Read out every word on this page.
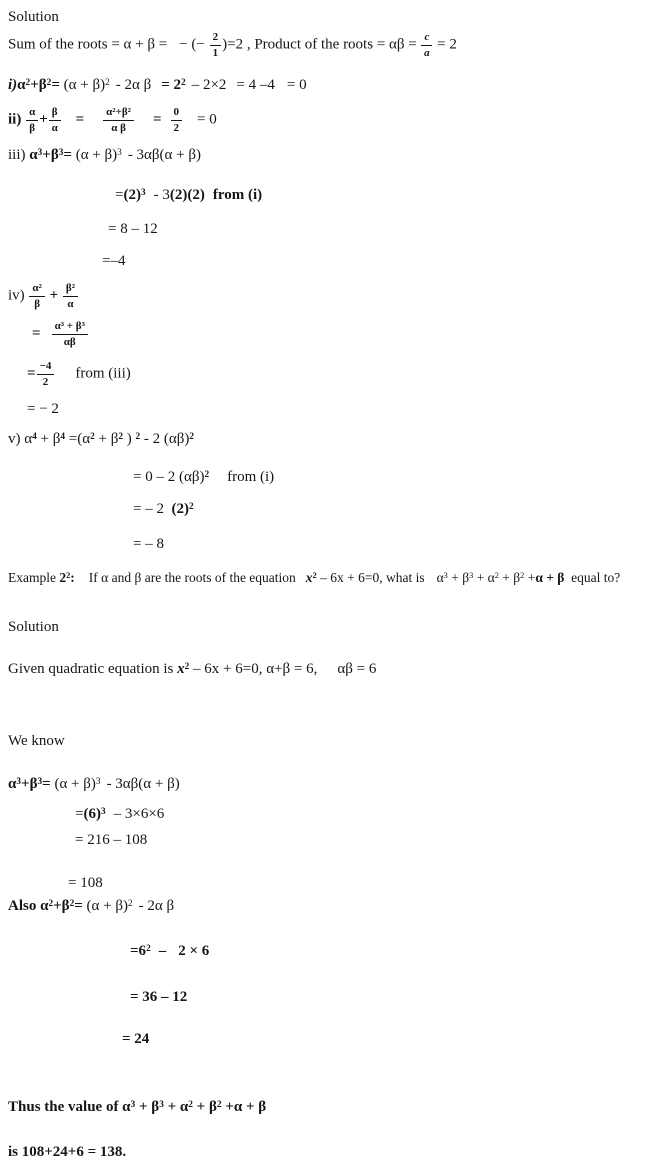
Solution
Sum of the roots = α + β = − (− $\frac{2}{1} )=2$ , Product of the roots = $\alpha\beta = \frac{c}{a} = 2$
$i)\alpha^2+\beta^2= (\alpha + \beta)^2 - 2\alpha$ $\beta = 2^2 - 2\times 2 = 4$ –4 = 0
$ii) \frac{\alpha}{\beta} + \frac{\beta}{\alpha} = \frac{\text{α²+β²}}{\text{α β}} = \frac{0}{2} = 0$
iii) $\alpha^3+\beta^3= (\alpha + \beta)^3 - 3\alpha\beta(\alpha + \beta)$
$=(2)^3 - 3(2)(2)$ from (i)
= 8 – 12
=–4
$iv) \frac{\text{α²}}{\beta} + \frac{\text{β²}}{\alpha}$
= $\frac{\text{α³ + β³}}{\alpha\beta}$
= $\frac{-4}{2}$ from (iii)
= − 2
v) $\alpha^4 + \beta^4 =(\alpha^2 + \beta^2$ ) $^2$ - 2 $(\alpha\beta)^2$
= 0 – 2 $(\alpha\beta)^2$ from (i)
= – 2  $(2)^2$
= – 8
Example $2^2$: If α and β are the roots of the equation $x^2 - 6x + 6=0$, what is $\alpha^3 + \beta^3 + \alpha^2 + \beta^2 +\alpha + \beta$  equal to?
Solution
Given quadratic equation is $x^2 - 6x + 6=0$, α+β = 6, αβ = 6
We know
$\alpha^3+\beta^3= (\alpha + \beta)^3 - 3\alpha\beta(\alpha + \beta)$
$=(6)^3 - 3\times 6\times 6$
= 216 – 108
= 108
Also $\alpha^2+\beta^2= (\alpha + \beta)^2 - 2\alpha$ β
$=6^2 - 2 \times 6$
= 36 – 12
= 24
Thus the value of $\alpha^3 + \beta^3 + \alpha^2 + \beta^2 +\alpha + \beta$
is 108+24+6 = 138.
